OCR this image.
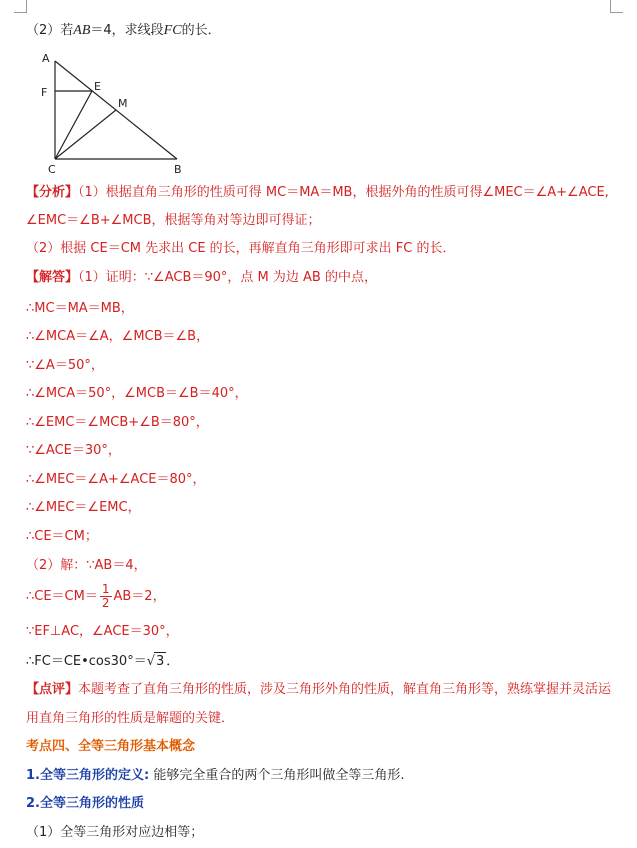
（2）若AB＝4，求线段FC的长．
A
F	E
M
C	B
【分析】（1）根据直角三角形的性质可得 MC＝MA＝MB，根据外角的性质可得∠MEC＝∠A+∠ACE,
∠EMC＝∠B+∠MCB，根据等角对等边即可得证；
（2）根据 CE＝CM 先求出 CE 的长，再解直角三角形即可求出 FC 的长．
【解答】（1）证明：∵∠ACB＝90°，点 M 为边 AB 的中点，
∴MC＝MA＝MB，
∴∠MCA＝∠A，∠MCB＝∠B，
∵∠A＝50°，
∴∠MCA＝50°，∠MCB＝∠B＝40°，
∴∠EMC＝∠MCB+∠B＝80°，
∵∠ACE＝30°，
∴∠MEC＝∠A+∠ACE＝80°，
∴∠MEC＝∠EMC，
∴CE＝CM；
（2）解：∵AB＝4，
∴CE＝CM＝ $\frac{1}{2} AB=2$，
∵EF⊥AC，∠ACE＝30°，
∴FC＝CE•cos30°＝√3 ．
【点评】本题考查了直角三角形的性质，涉及三角形外角的性质，解直角三角形等，熟练掌握并灵活运
用直角三角形的性质是解题的关键．
考点四、全等三角形基本概念
1.全等三角形的定义: 能够完全重合的两个三角形叫做全等三角形.
2.全等三角形的性质
（1）全等三角形对应边相等；
